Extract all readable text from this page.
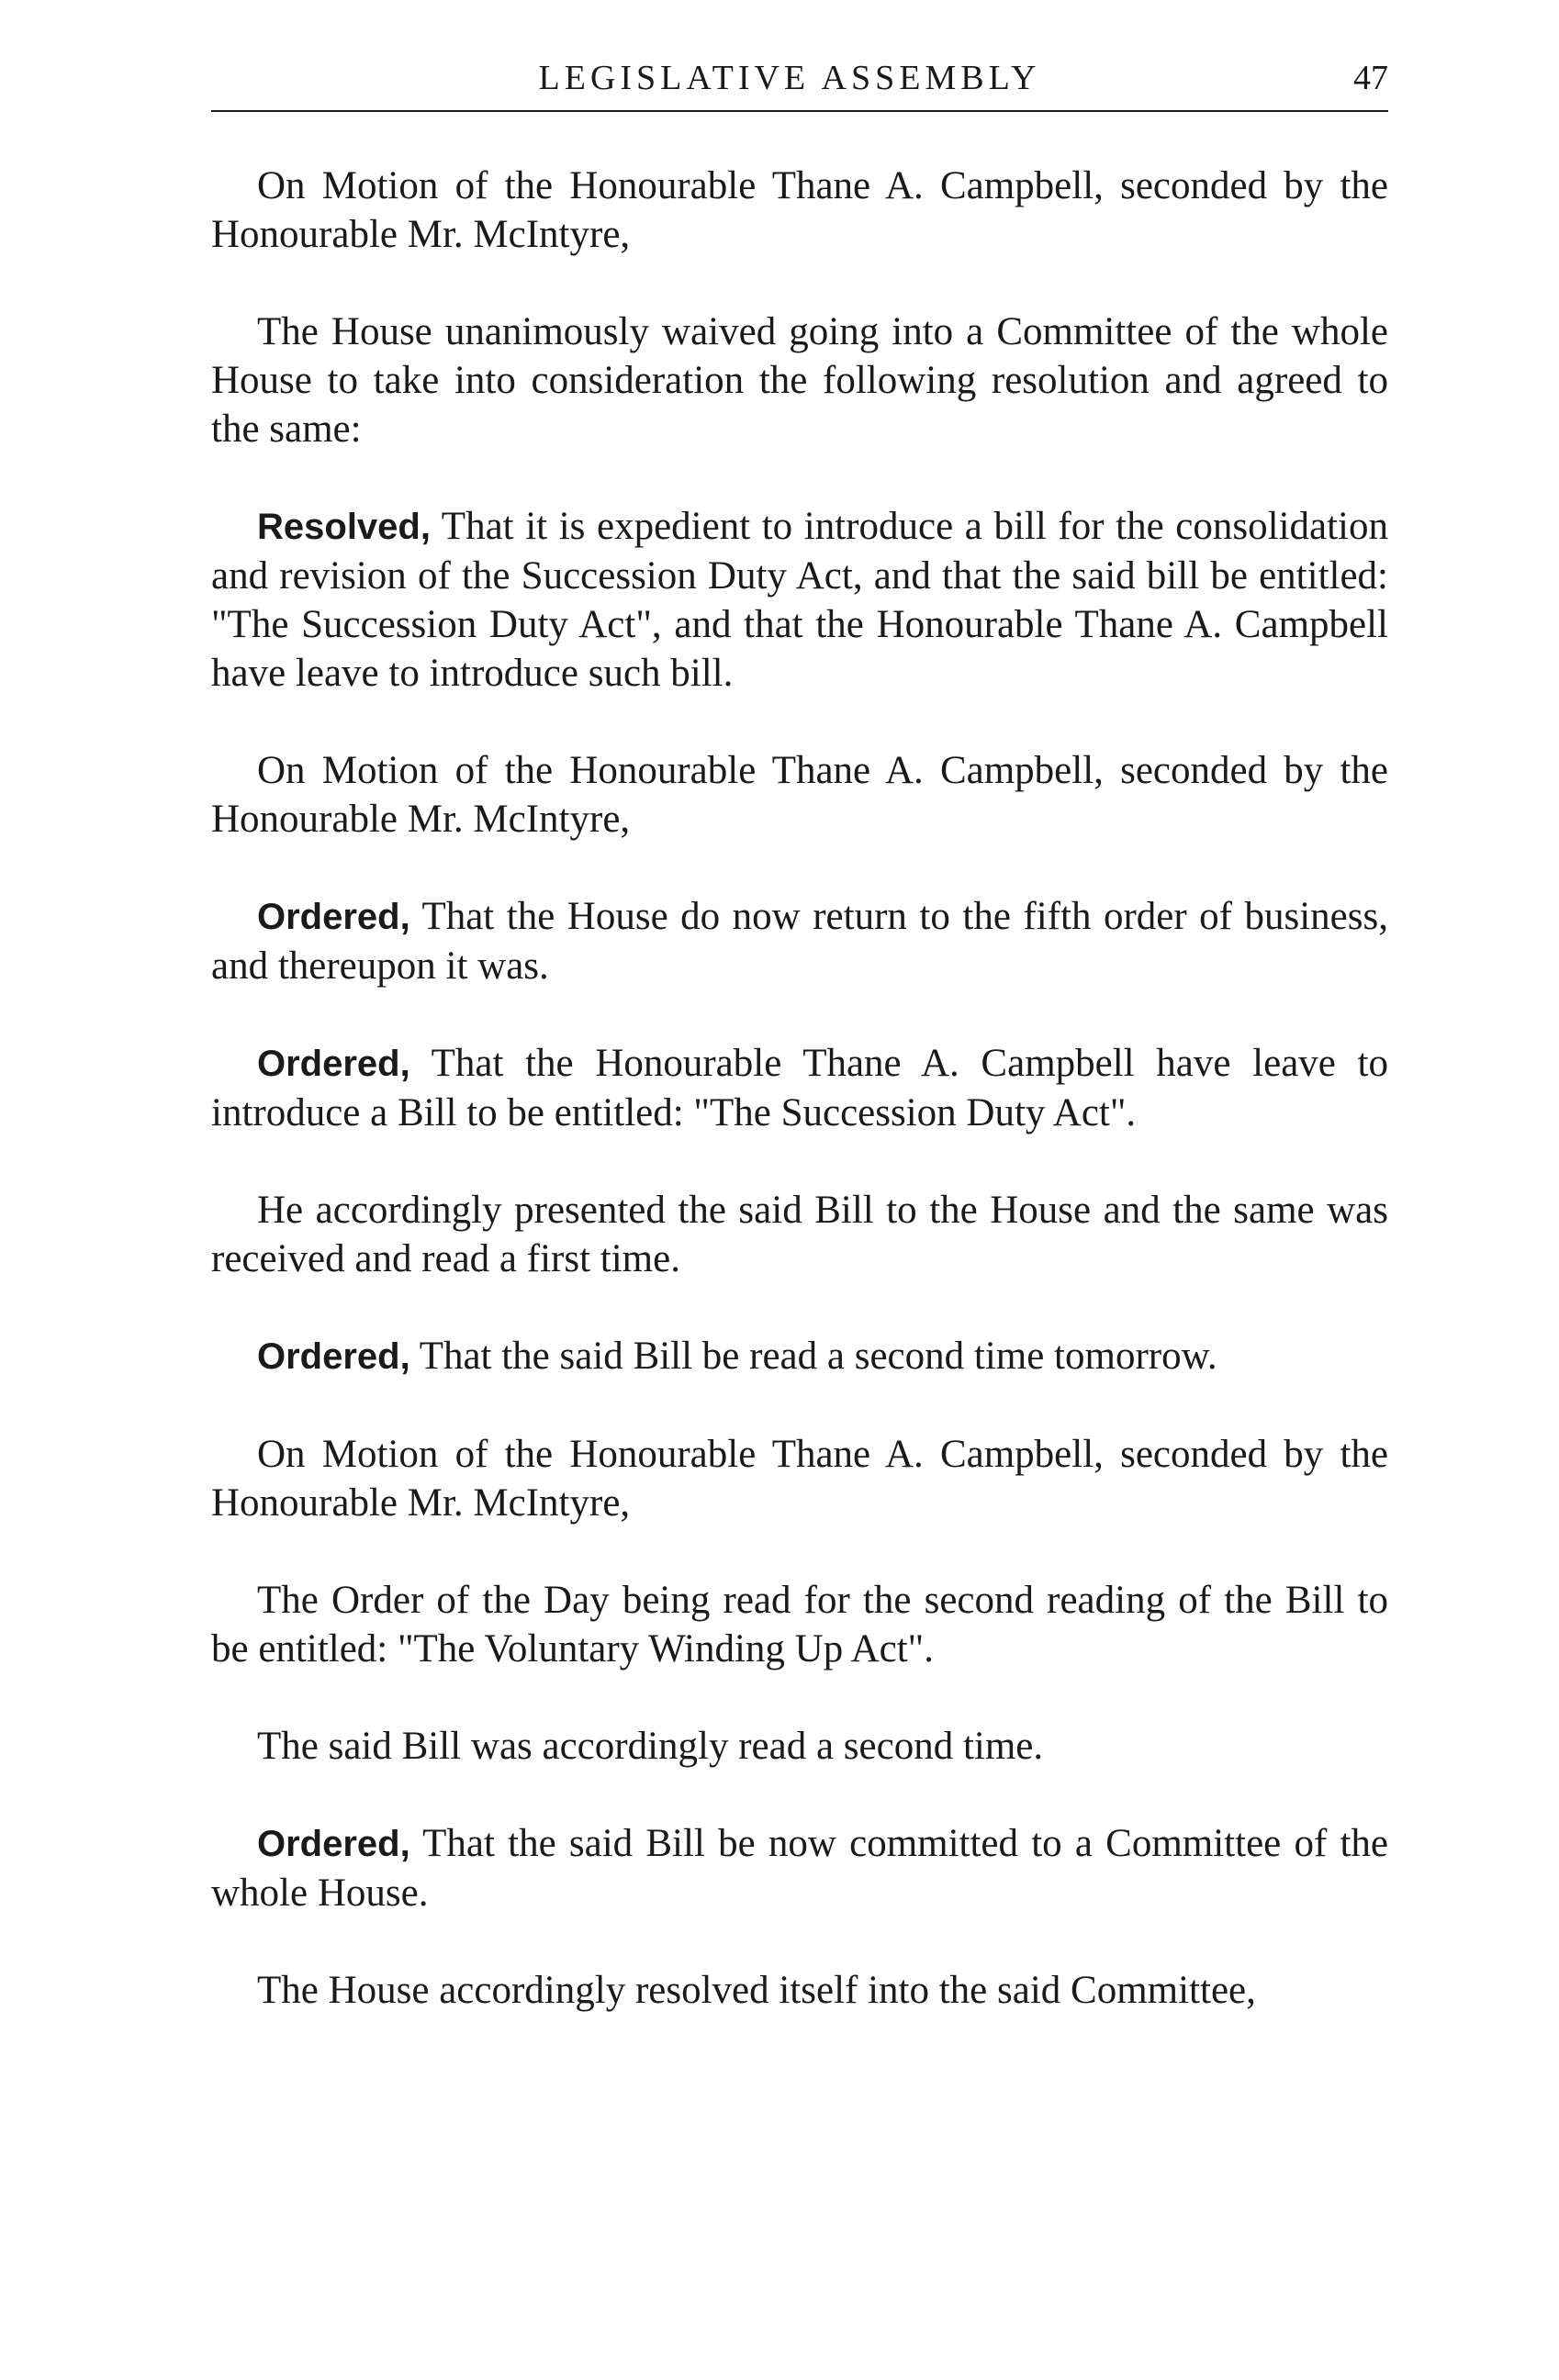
LEGISLATIVE ASSEMBLY	47

On Motion of the Honourable Thane A. Campbell, seconded by the Honourable Mr. McIntyre,

The House unanimously waived going into a Committee of the whole House to take into consideration the following resolution and agreed to the same:

Resolved, That it is expedient to introduce a bill for the consolidation and revision of the Succession Duty Act, and that the said bill be entitled: "The Succession Duty Act", and that the Honourable Thane A. Campbell have leave to introduce such bill.

On Motion of the Honourable Thane A. Campbell, seconded by the Honourable Mr. McIntyre,

Ordered, That the House do now return to the fifth order of business, and thereupon it was.

Ordered, That the Honourable Thane A. Campbell have leave to introduce a Bill to be entitled: "The Succession Duty Act".

He accordingly presented the said Bill to the House and the same was received and read a first time.

Ordered, That the said Bill be read a second time tomorrow.

On Motion of the Honourable Thane A. Campbell, seconded by the Honourable Mr. McIntyre,

The Order of the Day being read for the second reading of the Bill to be entitled: "The Voluntary Winding Up Act".

The said Bill was accordingly read a second time.

Ordered, That the said Bill be now committed to a Committee of the whole House.

The House accordingly resolved itself into the said Committee,
